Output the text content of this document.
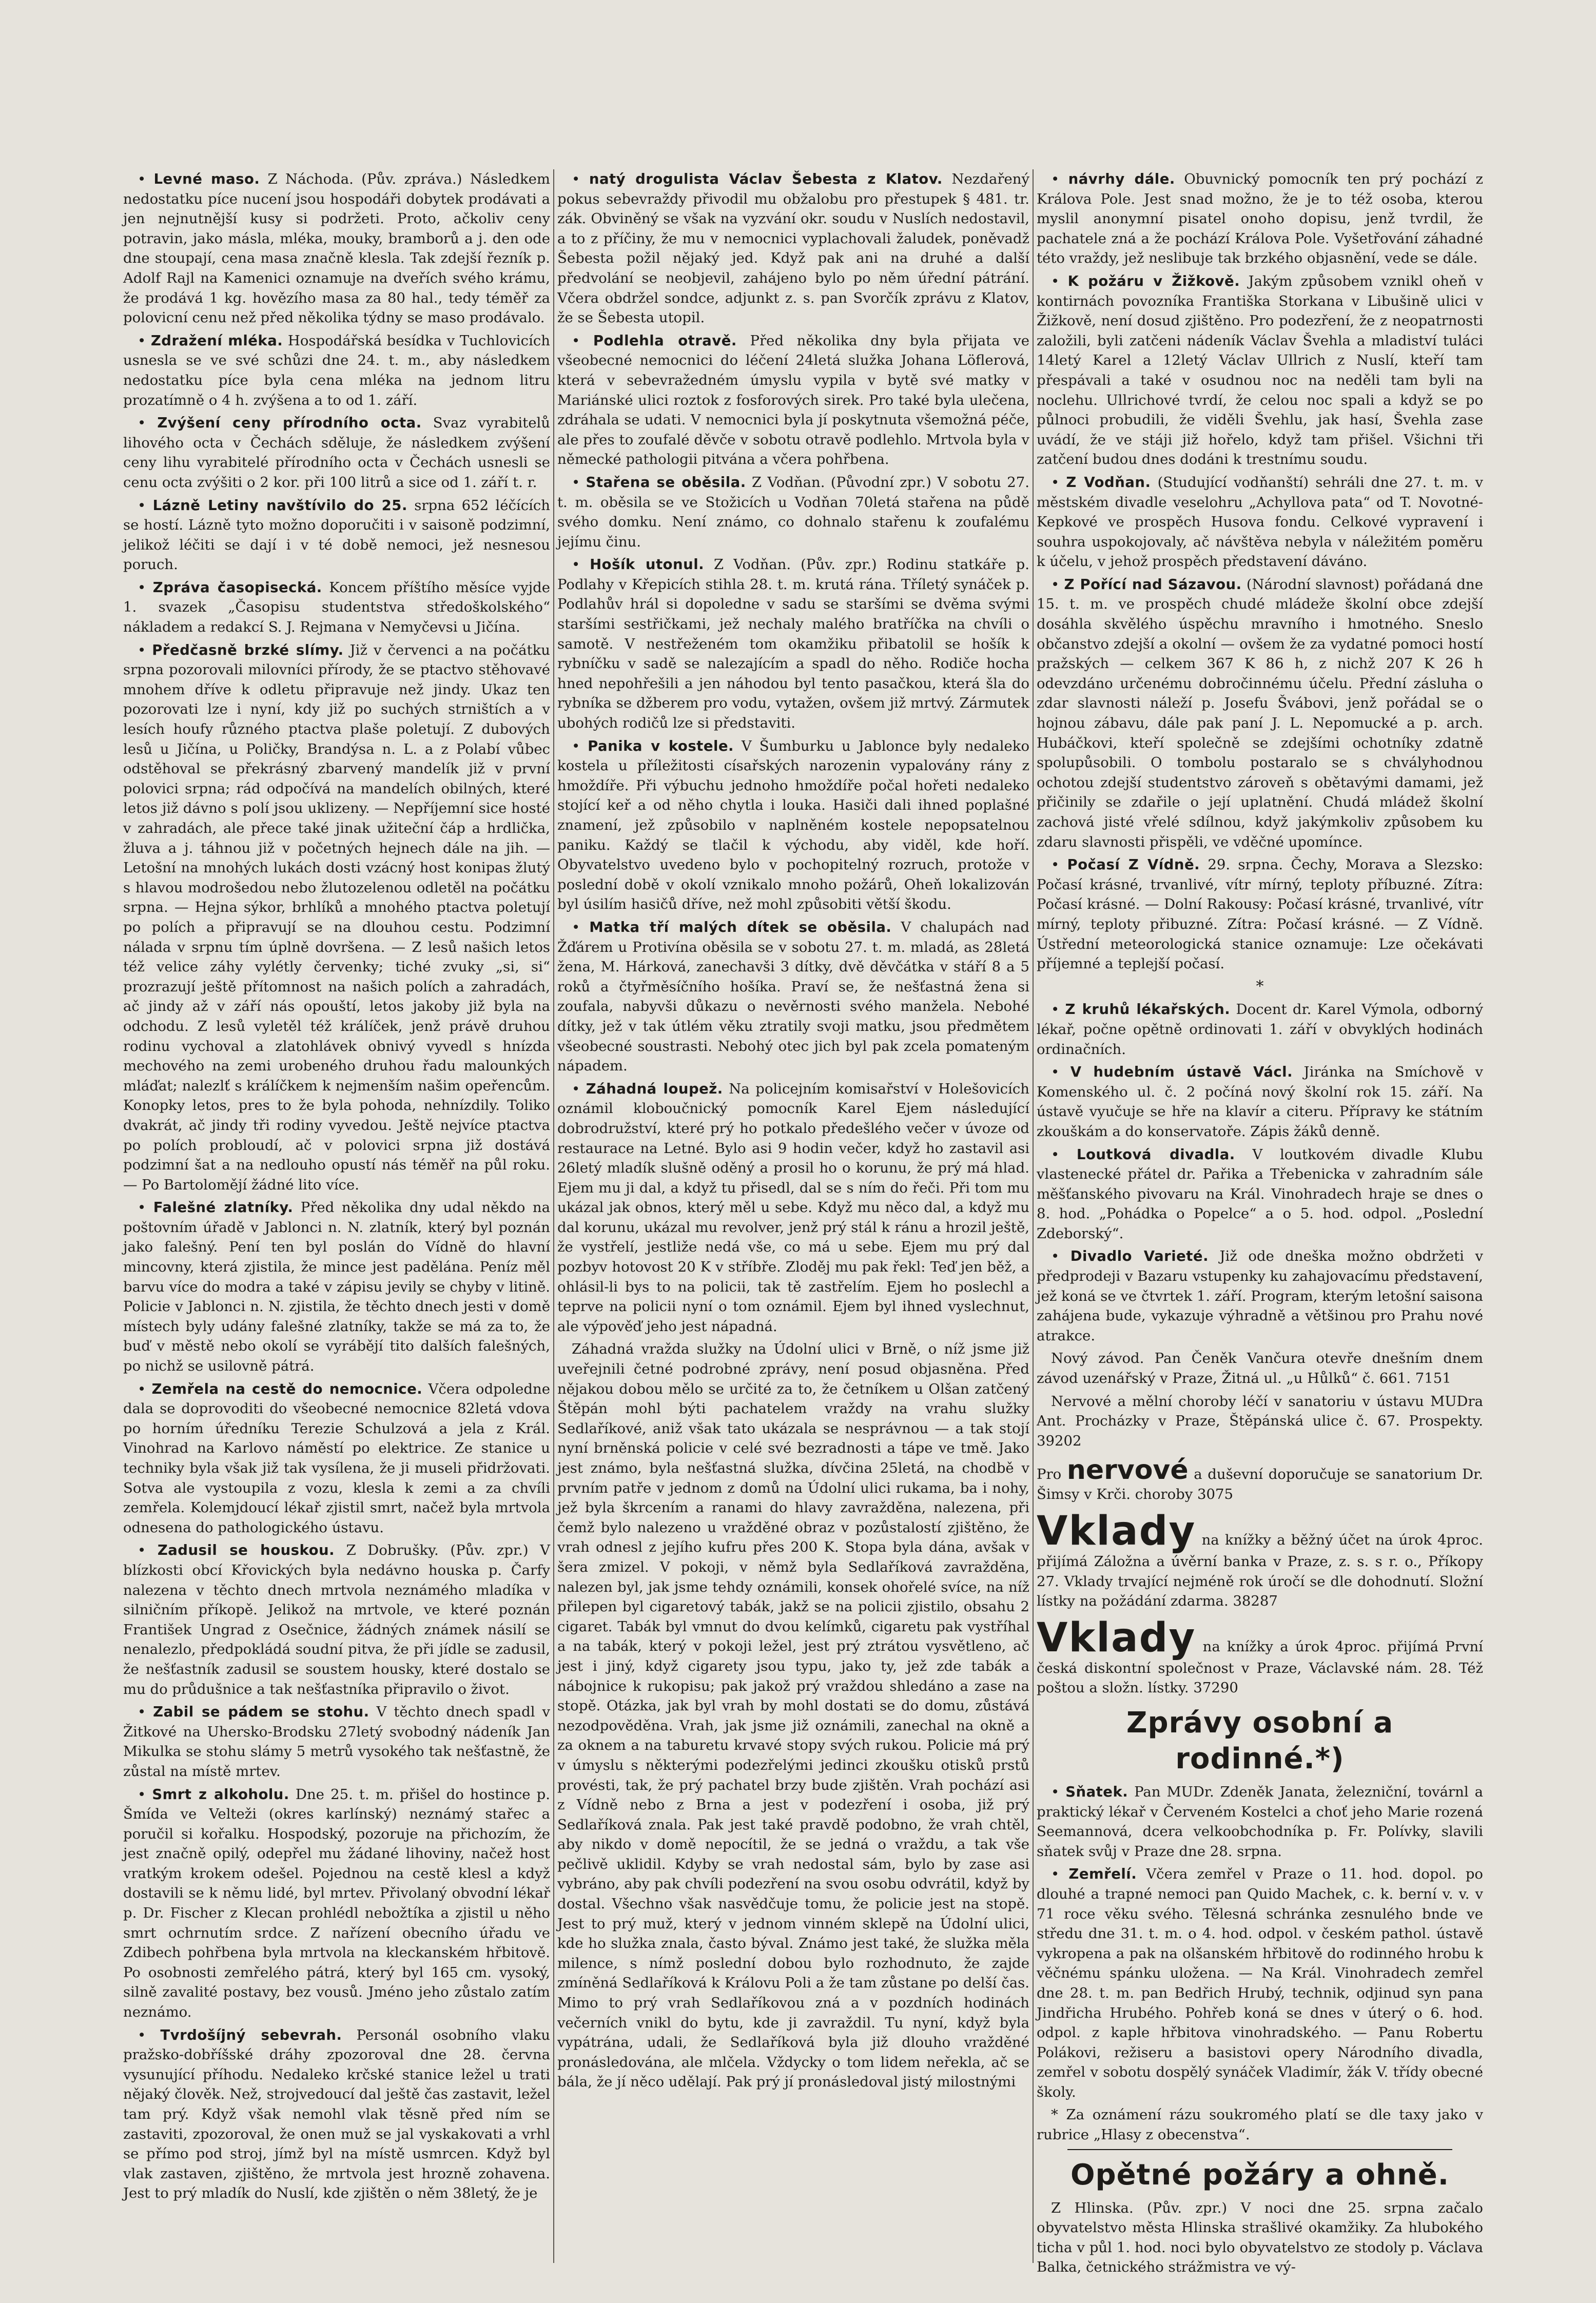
• Levné maso. Z Náchoda. (Pův. zpráva.) Následkem nedostatku píce nucení jsou hospodáři dobytek prodávati a jen nejnutnější kusy si podržeti. Proto, ačkoliv ceny potravin, jako másla, mléka, mouky, bramborů a j. den ode dne stoupají, cena masa značně klesla. Tak zdejší řezník p. Adolf Rajl na Kamenici oznamuje na dveřích svého krámu, že prodává 1 kg. hovězího masa za 80 hal., tedy téměř za polovicní cenu než před několika týdny se maso prodávalo.

• Zdražení mléka. Hospodářská besídka v Tuchlovicích usnesla se ve své schůzi dne 24. t. m., aby následkem nedostatku píce byla cena mléka na jednom litru prozatímně o 4 h. zvýšena a to od 1. září.

• Zvýšení ceny přírodního octa. Svaz vyrabitelů lihového octa v Čechách sděluje, že následkem zvýšení ceny lihu vyrabitelé přírodního octa v Čechách usnesli se cenu octa zvýšiti o 2 kor. při 100 litrů a sice od 1. září t. r.

• Lázně Letiny navštívilo do 25. srpna 652 léčících se hostí. Lázně tyto možno doporučiti i v saisoně podzimní, jelikož léčiti se dají i v té době nemoci, jež nesnesou poruch.

• Zpráva časopisecká. Koncem příštího měsíce vyjde 1. svazek „Časopisu studentstva středoškolského“ nákladem a redakcí S. J. Rejmana v Nemyčevsi u Jičína.

• Předčasně brzké slímy. Již v červenci a na počátku srpna pozorovali milovníci přírody, že se ptactvo stěhovavé mnohem dříve k odletu připravuje než jindy. Ukaz ten pozorovati lze i nyní, kdy již po suchých strništích a v lesích houfy různého ptactva plaše poletují. Z dubových lesů u Jičína, u Poličky, Brandýsa n. L. a z Polabí vůbec odstěhoval se překrásný zbarvený mandelík již v první polovici srpna; rád odpočívá na mandelích obilných, které letos již dávno s polí jsou uklizeny. — Nepříjemní sice hosté v zahradách, ale přece také jinak užiteční čáp a hrdlička, žluva a j. táhnou již v početných hejnech dále na jih. — Letošní na mnohých lukách dosti vzácný host konipas žlutý s hlavou modrošedou nebo žlutozelenou odletěl na počátku srpna. — Hejna sýkor, brhlíků a mnohého ptactva poletují po polích a připravují se na dlouhou cestu. Podzimní nálada v srpnu tím úplně dovršena. — Z lesů našich letos též velice záhy vylétly červenky; tiché zvuky „si, si“ prozrazují ještě přítomnost na našich polích a zahradách, ač jindy až v září nás opouští, letos jakoby již byla na odchodu. Z lesů vyletěl též králíček, jenž právě druhou rodinu vychoval a zlatohlávek obnivý vyvedl s hnízda mechového na zemi urobeného druhou řadu malounkých mláďat; nalezlť s králíčkem k nejmenším našim opeřencům. Konopky letos, pres to že byla pohoda, nehnízdily. Toliko dvakrát, ač jindy tři rodiny vyvedou. Ještě nejvíce ptactva po polích probloudí, ač v polovici srpna již dostává podzimní šat a na nedlouho opustí nás téměř na půl roku. — Po Bartolomějí žádné lito více.

• Falešné zlatníky. Před několika dny udal někdo na poštovním úřadě v Jablonci n. N. zlatník, který byl poznán jako falešný. Pení ten byl poslán do Vídně do hlavní mincovny, která zjistila, že mince jest padělána. Peníz měl barvu více do modra a také v zápisu jevily se chyby v litině. Policie v Jablonci n. N. zjistila, že těchto dnech jesti v domě místech byly udány falešné zlatníky, takže se má za to, že buď v městě nebo okolí se vyrábějí tito dalších falešných, po nichž se usilovně pátrá.

• Zemřela na cestě do nemocnice. Včera odpoledne dala se doprovoditi do všeobecné nemocnice 82letá vdova po horním úředníku Terezie Schulzová a jela z Král. Vinohrad na Karlovo náměstí po elektrice. Ze stanice u techniky byla však již tak vysílena, že ji museli přidržovati. Sotva ale vystoupila z vozu, klesla k zemi a za chvíli zemřela. Kolemjdoucí lékař zjistil smrt, načež byla mrtvola odnesena do pathologického ústavu.

• Zadusil se houskou. Z Dobrušky. (Pův. zpr.) V blízkosti obcí Křovických byla nedávno houska p. Čarfy nalezena v těchto dnech mrtvola neznámého mladíka v silničním příkopě. Jelikož na mrtvole, ve které poznán František Ungrad z Osečnice, žádných známek násilí se nenalezlo, předpokládá soudní pitva, že při jídle se zadusil, že nešťastník zadusil se soustem housky, které dostalo se mu do průdušnice a tak nešťastníka připravilo o život.

• Zabil se pádem se stohu. V těchto dnech spadl v Žitkové na Uhersko-Brodsku 27letý svobodný nádeník Jan Mikulka se stohu slámy 5 metrů vysokého tak nešťastně, že zůstal na místě mrtev.

• Smrt z alkoholu. Dne 25. t. m. přišel do hostince p. Šmída ve Velteži (okres karlínský) neznámý stařec a poručil si kořalku. Hospodský, pozoruje na přichozím, že jest značně opilý, odepřel mu žádané lihoviny, načež host vratkým krokem odešel. Pojednou na cestě klesl a když dostavili se k němu lidé, byl mrtev. Přivolaný obvodní lékař p. Dr. Fischer z Klecan prohlédl nebožtíka a zjistil u něho smrt ochrnutím srdce. Z nařízení obecního úřadu ve Zdibech pohřbena byla mrtvola na kleckanském hřbitově. Po osobnosti zemřelého pátrá, který byl 165 cm. vysoký, silně zavalité postavy, bez vousů. Jméno jeho zůstalo zatím neznámo.

• Tvrdošíjný sebevrah. Personál osobního vlaku pražsko-dobříšské dráhy zpozoroval dne 28. června vysunující příhodu. Nedaleko krčské stanice ležel u trati nějaký člověk. Než, strojvedoucí dal ještě čas zastavit, ležel tam prý. Když však nemohl vlak těsně před ním se zastaviti, zpozoroval, že onen muž se jal vyskakovati a vrhl se přímo pod stroj, jímž byl na místě usmrcen. Když byl vlak zastaven, zjištěno, že mrtvola jest hrozně zohavena. Jest to prý mladík do Nuslí, kde zjištěn o něm 38letý, že je

• natý drogulista Václav Šebesta z Klatov. Nezdařený pokus sebevraždy přivodil mu obžalobu pro přestupek § 481. tr. zák. Obviněný se však na vyzvání okr. soudu v Nuslích nedostavil, a to z příčiny, že mu v nemocnici vyplachovali žaludek, poněvadž Šebesta požil nějaký jed. Když pak ani na druhé a další předvolání se neobjevil, zahájeno bylo po něm úřední pátrání. Včera obdržel sondce, adjunkt z. s. pan Svorčík zprávu z Klatov, že se Šebesta utopil.

• Podlehla otravě. Před několika dny byla přijata ve všeobecné nemocnici do léčení 24letá služka Johana Löflerová, která v sebevražedném úmyslu vypila v bytě své matky v Mariánské ulici roztok z fosforových sirek. Pro také byla ulečena, zdráhala se udati. V nemocnici byla jí poskytnuta všemožná péče, ale přes to zoufalé děvče v sobotu otravě podlehlo. Mrtvola byla v německé pathologii pitvána a včera pohřbena.

• Stařena se oběsila. Z Vodňan. (Původní zpr.) V sobotu 27. t. m. oběsila se ve Stožicích u Vodňan 70letá stařena na půdě svého domku. Není známo, co dohnalo stařenu k zoufalému jejímu činu.

• Hošík utonul. Z Vodňan. (Pův. zpr.) Rodinu statkáře p. Podlahy v Křepicích stihla 28. t. m. krutá rána. Tříletý synáček p. Podlahův hrál si dopoledne v sadu se staršími se dvěma svými staršími sestřičkami, jež nechaly malého bratříčka na chvíli o samotě. V nestřeženém tom okamžiku přibatolil se hošík k rybníčku v sadě se nalezajícím a spadl do něho. Rodiče hocha hned nepohřešili a jen náhodou byl tento pasačkou, která šla do rybníka se džberem pro vodu, vytažen, ovšem již mrtvý. Zármutek ubohých rodičů lze si představiti.

• Panika v kostele. V Šumburku u Jablonce byly nedaleko kostela u příležitosti císařských narozenin vypalovány rány z hmoždíře. Při výbuchu jednoho hmoždíře počal hořeti nedaleko stojící keř a od něho chytla i louka. Hasiči dali ihned poplašné znamení, jež způsobilo v naplněném kostele nepopsatelnou paniku. Každý se tlačil k východu, aby viděl, kde hoří. Obyvatelstvo uvedeno bylo v pochopitelný rozruch, protože v poslední době v okolí vznikalo mnoho požárů, Oheň lokalizován byl úsilím hasičů dříve, než mohl způsobiti větší škodu.

• Matka tří malých dítek se oběsila. V chalupách nad Žďárem u Protivína oběsila se v sobotu 27. t. m. mladá, as 28letá žena, M. Hárková, zanechavši 3 dítky, dvě děvčátka v stáří 8 a 5 roků a čtyřměsíčního hošíka. Praví se, že nešťastná žena si zoufala, nabyvši důkazu o nevěrnosti svého manžela. Nebohé dítky, jež v tak útlém věku ztratily svoji matku, jsou předmětem všeobecné soustrasti. Nebohý otec jich byl pak zcela pomateným nápadem.

• Záhadná loupež. Na policejním komisařství v Holešovicích oznámil kloboučnický pomocník Karel Ejem následující dobrodružství, které prý ho potkalo předešlého večer v úvoze od restaurace na Letné. Bylo asi 9 hodin večer, když ho zastavil asi 26letý mladík slušně oděný a prosil ho o korunu, že prý má hlad. Ejem mu ji dal, a když tu přisedl, dal se s ním do řeči. Při tom mu ukázal jak obnos, který měl u sebe. Když mu něco dal, a když mu dal korunu, ukázal mu revolver, jenž prý stál k ránu a hrozil ještě, že vystřelí, jestliže nedá vše, co má u sebe. Ejem mu prý dal pozbyv hotovost 20 K v stříbře. Zloděj mu pak řekl: Teď jen běž, a ohlásil-li bys to na policii, tak tě zastřelím. Ejem ho poslechl a teprve na policii nyní o tom oznámil. Ejem byl ihned vyslechnut, ale výpověď jeho jest nápadná.

Záhadná vražda služky na Údolní ulici v Brně, o níž jsme již uveřejnili četné podrobné zprávy, není posud objasněna. Před nějakou dobou mělo se určité za to, že četníkem u Olšan zatčený Štěpán mohl býti pachatelem vraždy na vrahu služky Sedlaříkové, aniž však tato ukázala se nesprávnou — a tak stojí nyní brněnská policie v celé své bezradnosti a tápe ve tmě. Jako jest známo, byla nešťastná služka, dívčina 25letá, na chodbě v prvním patře v jednom z domů na Údolní ulici rukama, ba i nohy, jež byla škrcením a ranami do hlavy zavražděna, nalezena, při čemž bylo nalezeno u vražděné obraz v pozůstalostí zjištěno, že vrah odnesl z jejího kufru přes 200 K. Stopa byla dána, avšak v šera zmizel. V pokoji, v němž byla Sedlaříková zavražděna, nalezen byl, jak jsme tehdy oznámili, konsek ohořelé svíce, na níž přilepen byl cigaretový tabák, jakž se na policii zjistilo, obsahu 2 cigaret. Tabák byl vmnut do dvou kelímků, cigaretu pak vystříhal a na tabák, který v pokoji ležel, jest prý ztrátou vysvětleno, ač jest i jiný, když cigarety jsou typu, jako ty, jež zde tabák a nábojnice k rukopisu; pak jakož prý vraždou shledáno a zase na stopě. Otázka, jak byl vrah by mohl dostati se do domu, zůstává nezodpověděna. Vrah, jak jsme již oznámili, zanechal na okně a za oknem a na taburetu krvavé stopy svých rukou. Policie má prý v úmyslu s některými podezřelými jedinci zkoušku otisků prstů provésti, tak, že prý pachatel brzy bude zjištěn. Vrah pochází asi z Vídně nebo z Brna a jest v podezření i osoba, již prý Sedlaříková znala. Pak jest také pravdě podobno, že vrah chtěl, aby nikdo v domě nepocítil, že se jedná o vraždu, a tak vše pečlivě uklidil. Kdyby se vrah nedostal sám, bylo by zase asi vybráno, aby pak chvíli podezření na svou osobu odvrátil, když by dostal. Všechno však nasvědčuje tomu, že policie jest na stopě. Jest to prý muž, který v jednom vinném sklepě na Údolní ulici, kde ho služka znala, často býval. Známo jest také, že služka měla milence, s nímž poslední dobou bylo rozhodnuto, že zajde zmíněná Sedlaříková k Královu Poli a že tam zůstane po delší čas. Mimo to prý vrah Sedlaříkovou zná a v pozdních hodinách večerních vnikl do bytu, kde ji zavraždil. Tu nyní, když byla vypátrána, udali, že Sedlaříková byla již dlouho vražděné pronásledována, ale mlčela. Vždycky o tom lidem neřekla, ač se bála, že jí něco udělají. Pak prý jí pronásledoval jistý milostnými

• návrhy dále. Obuvnický pomocník ten prý pochází z Králova Pole. Jest snad možno, že je to též osoba, kterou myslil anonymní pisatel onoho dopisu, jenž tvrdil, že pachatele zná a že pochází Králova Pole. Vyšetřování záhadné této vraždy, jež neslibuje tak brzkého objasnění, vede se dále.

• K požáru v Žižkově. Jakým způsobem vznikl oheň v kontirnách povozníka Františka Storkana v Libušině ulici v Žižkově, není dosud zjištěno. Pro podezření, že z neopatrnosti založili, byli zatčeni nádeník Václav Švehla a mladiství tuláci 14letý Karel a 12letý Václav Ullrich z Nuslí, kteří tam přespávali a také v osudnou noc na neděli tam byli na noclehu. Ullrichové tvrdí, že celou noc spali a když se po půlnoci probudili, že viděli Švehlu, jak hasí, Švehla zase uvádí, že ve stáji již hořelo, když tam přišel. Všichni tři zatčení budou dnes dodáni k trestnímu soudu.

• Z Vodňan. (Studující vodňanští) sehráli dne 27. t. m. v městském divadle veselohru „Achyllova pata“ od T. Novotné-Kepkové ve prospěch Husova fondu. Celkové vypravení i souhra uspokojovaly, ač návštěva nebyla v náležitém poměru k účelu, v jehož prospěch představení dáváno.

• Z Pořící nad Sázavou. (Národní slavnost) pořádaná dne 15. t. m. ve prospěch chudé mládeže školní obce zdejší dosáhla skvělého úspěchu mravního i hmotného. Sneslo občanstvo zdejší a okolní — ovšem že za vydatné pomoci hostí pražských — celkem 367 K 86 h, z nichž 207 K 26 h odevzdáno určenému dobročinnému účelu. Přední zásluha o zdar slavnosti náleží p. Josefu Švábovi, jenž pořádal se o hojnou zábavu, dále pak paní J. L. Nepomucké a p. arch. Hubáčkovi, kteří společně se zdejšími ochotníky zdatně spolupůsobili. O tombolu postaralo se s chvályhodnou ochotou zdejší studentstvo zároveň s obětavými damami, jež přičinily se zdařile o její uplatnění. Chudá mládež školní zachová jisté vřelé sdílnou, když jakýmkoliv způsobem ku zdaru slavnosti přispěli, ve vděčné upomínce.

• Počasí Z Vídně. 29. srpna. Čechy, Morava a Slezsko: Počasí krásné, trvanlivé, vítr mírný, teploty příbuzné. Zítra: Počasí krásné. — Dolní Rakousy: Počasí krásné, trvanlivé, vítr mírný, teploty přibuzné. Zítra: Počasí krásné. — Z Vídně. Ústřední meteorologická stanice oznamuje: Lze očekávati příjemné a teplejší počasí.

*

• Z kruhů lékařských. Docent dr. Karel Výmola, odborný lékař, počne opětně ordinovati 1. září v obvyklých hodinách ordinačních.

• V hudebním ústavě Václ. Jiránka na Smíchově v Komenského ul. č. 2 počíná nový školní rok 15. září. Na ústavě vyučuje se hře na klavír a citeru. Přípravy ke státním zkouškám a do konservatoře. Zápis žáků denně.

• Loutková divadla. V loutkovém divadle Klubu vlastenecké přátel dr. Pařika a Třebenicka v zahradním sále měšťanského pivovaru na Král. Vinohradech hraje se dnes o 8. hod. „Pohádka o Popelce“ a o 5. hod. odpol. „Poslední Zdeborský“.

• Divadlo Varieté. Již ode dneška možno obdržeti v předprodeji v Bazaru vstupenky ku zahajovacímu představení, jež koná se ve čtvrtek 1. září. Program, kterým letošní saisona zahájena bude, vykazuje výhradně a většinou pro Prahu nové atrakce.

Nový závod. Pan Čeněk Vančura otevře dnešním dnem závod uzenářský v Praze, Žitná ul. „u Hůlků“ č. 661. 7151

Nervové a mělní choroby léčí v sanatoriu v ústavu MUDra Ant. Procházky v Praze, Štěpánská ulice č. 67. Prospekty. 39202

Pro nervové a duševní doporučuje se sanatorium Dr. Šimsy v Krči. choroby 3075
Vklady na knížky a běžný účet na úrok 4proc. přijímá Záložna a úvěrní banka v Praze, z. s. s r. o., Příkopy 27. Vklady trvající nejméně rok úročí se dle dohodnutí. Složní lístky na požádání zdarma. 38287
Vklady na knížky a úrok 4proc. přijímá První česká diskontní společnost v Praze, Václavské nám. 28. Též poštou a složn. lístky. 37290
Zprávy osobní a rodinné.*)

• Sňatek. Pan MUDr. Zdeněk Janata, železniční, továrnl a praktický lékař v Červeném Kostelci a choť jeho Marie rozená Seemannová, dcera velkoobchodníka p. Fr. Polívky, slavili sňatek svůj v Praze dne 28. srpna.

• Zemřelí. Včera zemřel v Praze o 11. hod. dopol. po dlouhé a trapné nemoci pan Quido Machek, c. k. berní v. v. v 71 roce věku svého. Tělesná schránka zesnulého bnde ve středu dne 31. t. m. o 4. hod. odpol. v českém pathol. ústavě vykropena a pak na olšanském hřbitově do rodinného hrobu k věčnému spánku uložena. — Na Král. Vinohradech zemřel dne 28. t. m. pan Bedřich Hrubý, technik, odjinud syn pana Jindřicha Hrubého. Pohřeb koná se dnes v úterý o 6. hod. odpol. z kaple hřbitova vinohradského. — Panu Robertu Polákovi, režiseru a basistovi opery Národního divadla, zemřel v sobotu dospělý synáček Vladimír, žák V. třídy obecné školy.

* Za oznámení rázu soukromého platí se dle taxy jako v rubrice „Hlasy z obecenstva“.

Opětné požáry a ohně.

Z Hlinska. (Pův. zpr.) V noci dne 25. srpna začalo obyvatelstvo města Hlinska strašlivé okamžiky. Za hlubokého ticha v půl 1. hod. noci bylo obyvatelstvo ze stodoly p. Václava Balka, četnického strážmistra ve vý-
